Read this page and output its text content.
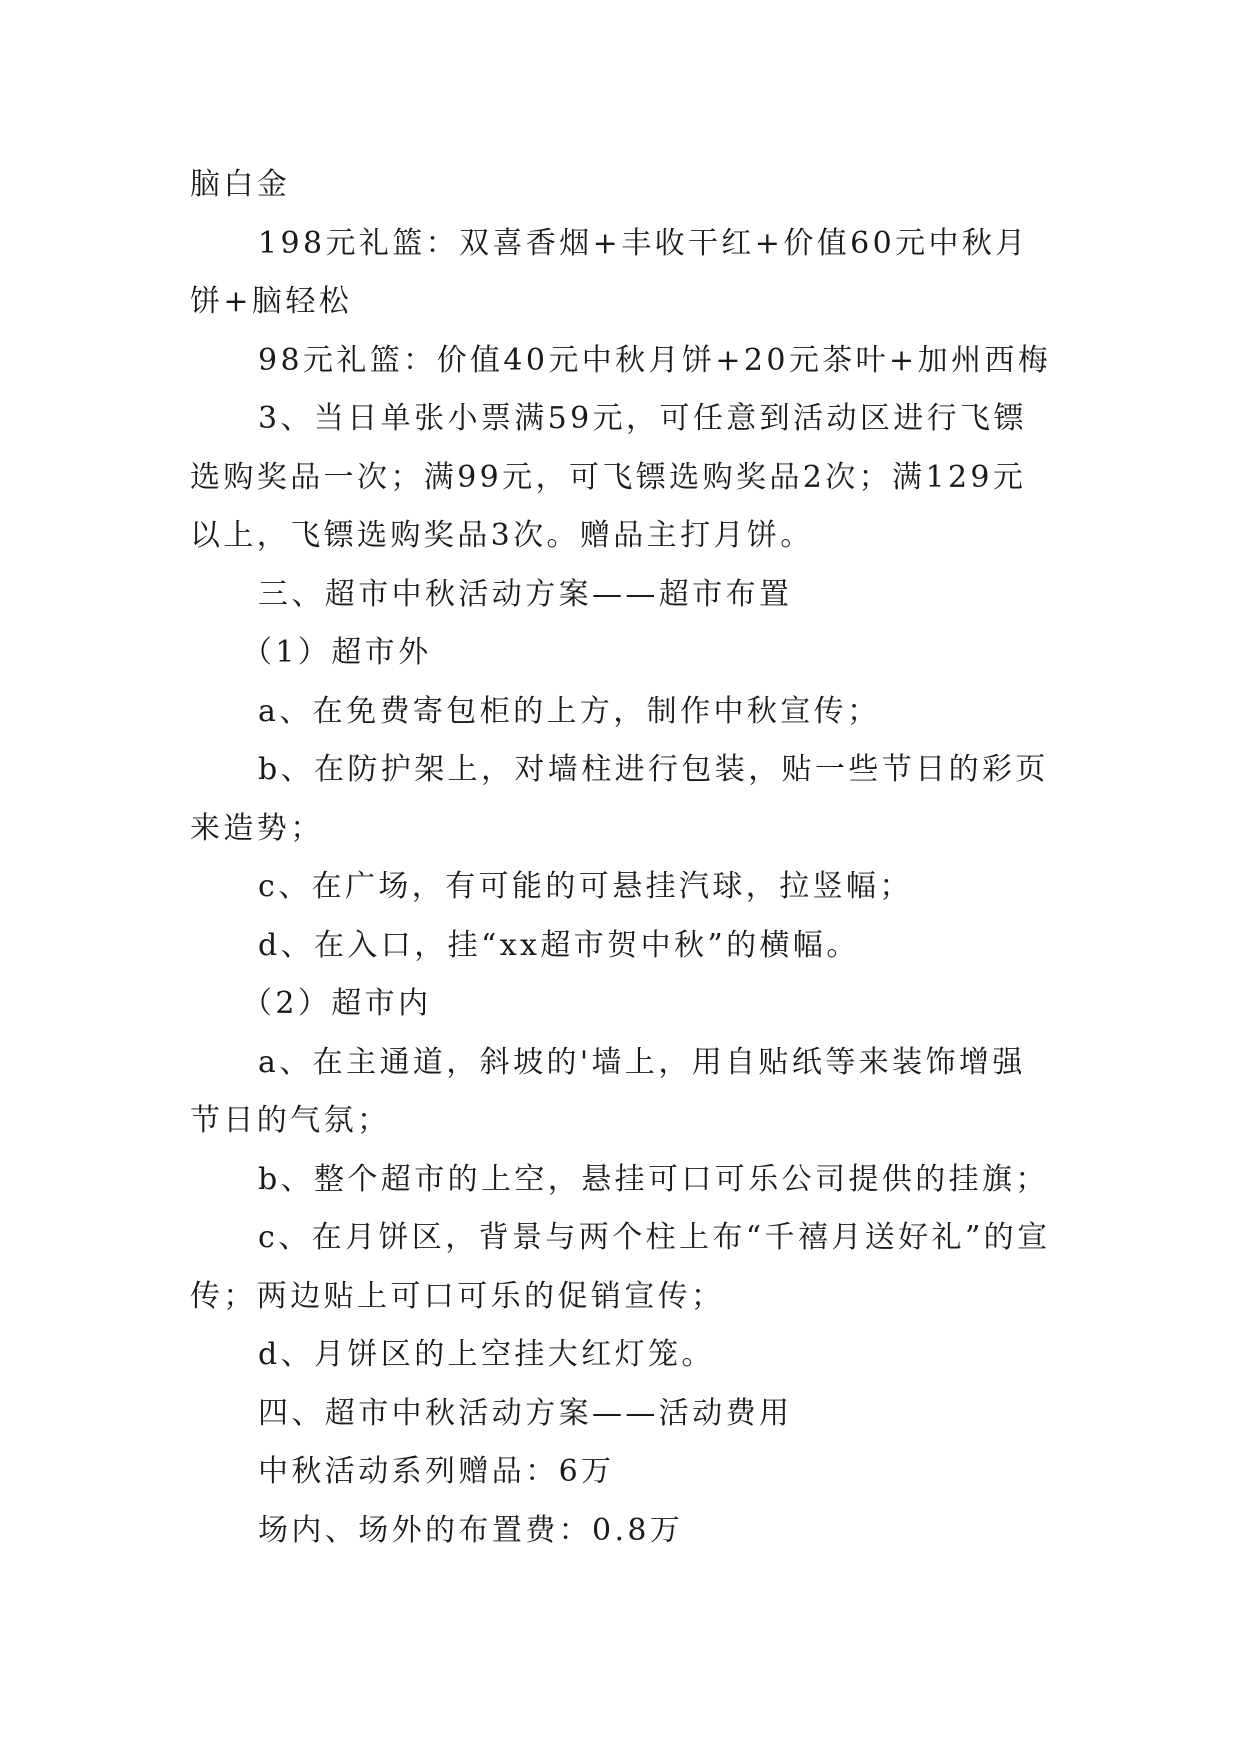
脑白金

198元礼篮：双喜香烟+丰收干红+价值60元中秋月饼+脑轻松

98元礼篮：价值40元中秋月饼+20元茶叶+加州西梅

3、当日单张小票满59元，可任意到活动区进行飞镖选购奖品一次；满99元，可飞镖选购奖品2次；满129元以上，飞镖选购奖品3次。赠品主打月饼。

三、超市中秋活动方案——超市布置

（1）超市外

a、在免费寄包柜的上方，制作中秋宣传；

b、在防护架上，对墙柱进行包装，贴一些节日的彩页来造势；

c、在广场，有可能的可悬挂汽球，拉竖幅；

d、在入口，挂“xx超市贺中秋”的横幅。

（2）超市内

a、在主通道，斜坡的'墙上，用自贴纸等来装饰增强节日的气氛；

b、整个超市的上空，悬挂可口可乐公司提供的挂旗；

c、在月饼区，背景与两个柱上布“千禧月送好礼”的宣传；两边贴上可口可乐的促销宣传；

d、月饼区的上空挂大红灯笼。

四、超市中秋活动方案——活动费用

中秋活动系列赠品：6万

场内、场外的布置费：0.8万
